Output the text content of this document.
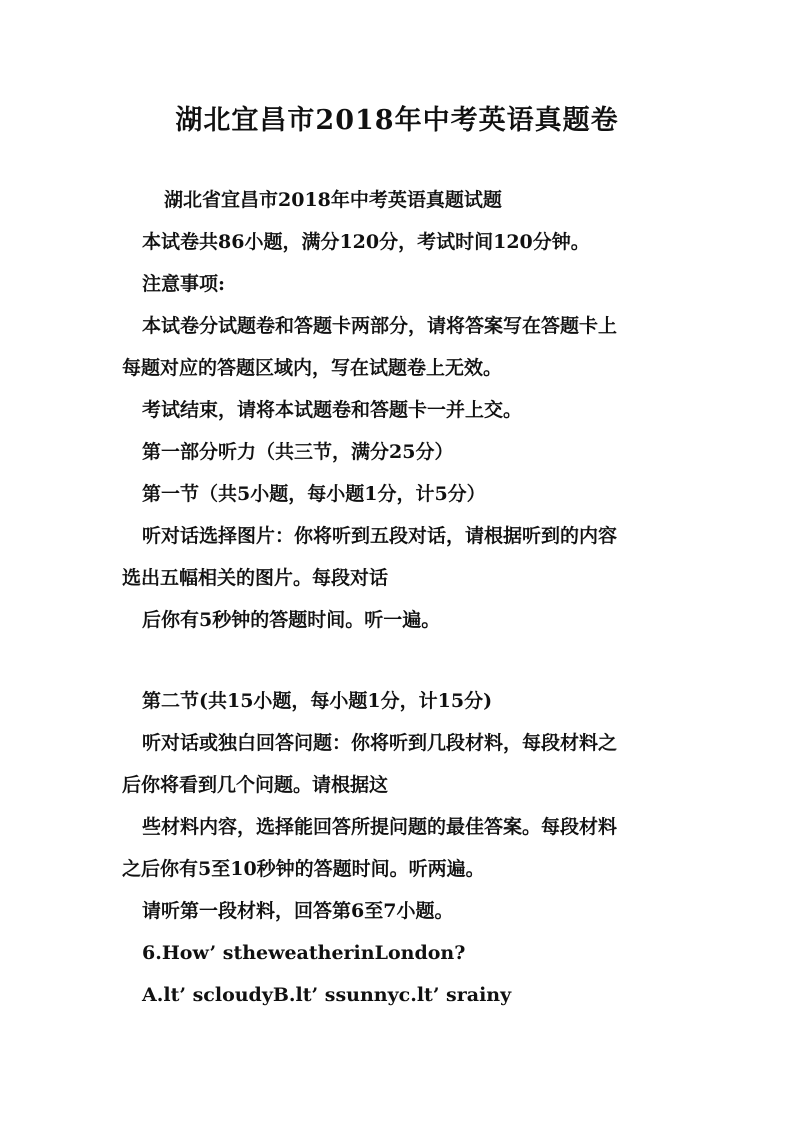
湖北宜昌市2018年中考英语真题卷

湖北省宜昌市2018年中考英语真题试题

本试卷共86小题，满分120分，考试时间120分钟。

注意事项:

本试卷分试题卷和答题卡两部分，请将答案写在答题卡上

每题对应的答题区域内，写在试题卷上无效。

考试结束，请将本试题卷和答题卡一并上交。

第一部分听力（共三节，满分25分）

第一节（共5小题，每小题1分，计5分）

听对话选择图片：你将听到五段对话，请根据听到的内容

选出五幅相关的图片。每段对话

后你有5秒钟的答题时间。听一遍。

第二节(共15小题，每小题1分，计15分)

听对话或独白回答问题：你将听到几段材料，每段材料之

后你将看到几个问题。请根据这

些材料内容，选择能回答所提问题的最佳答案。每段材料

之后你有5至10秒钟的答题时间。听两遍。

请听第一段材料，回答第6至7小题。

6.How’ stheweatherinLondon?

A.lt’ scloudyB.lt’ ssunnyc.lt’ srainy
